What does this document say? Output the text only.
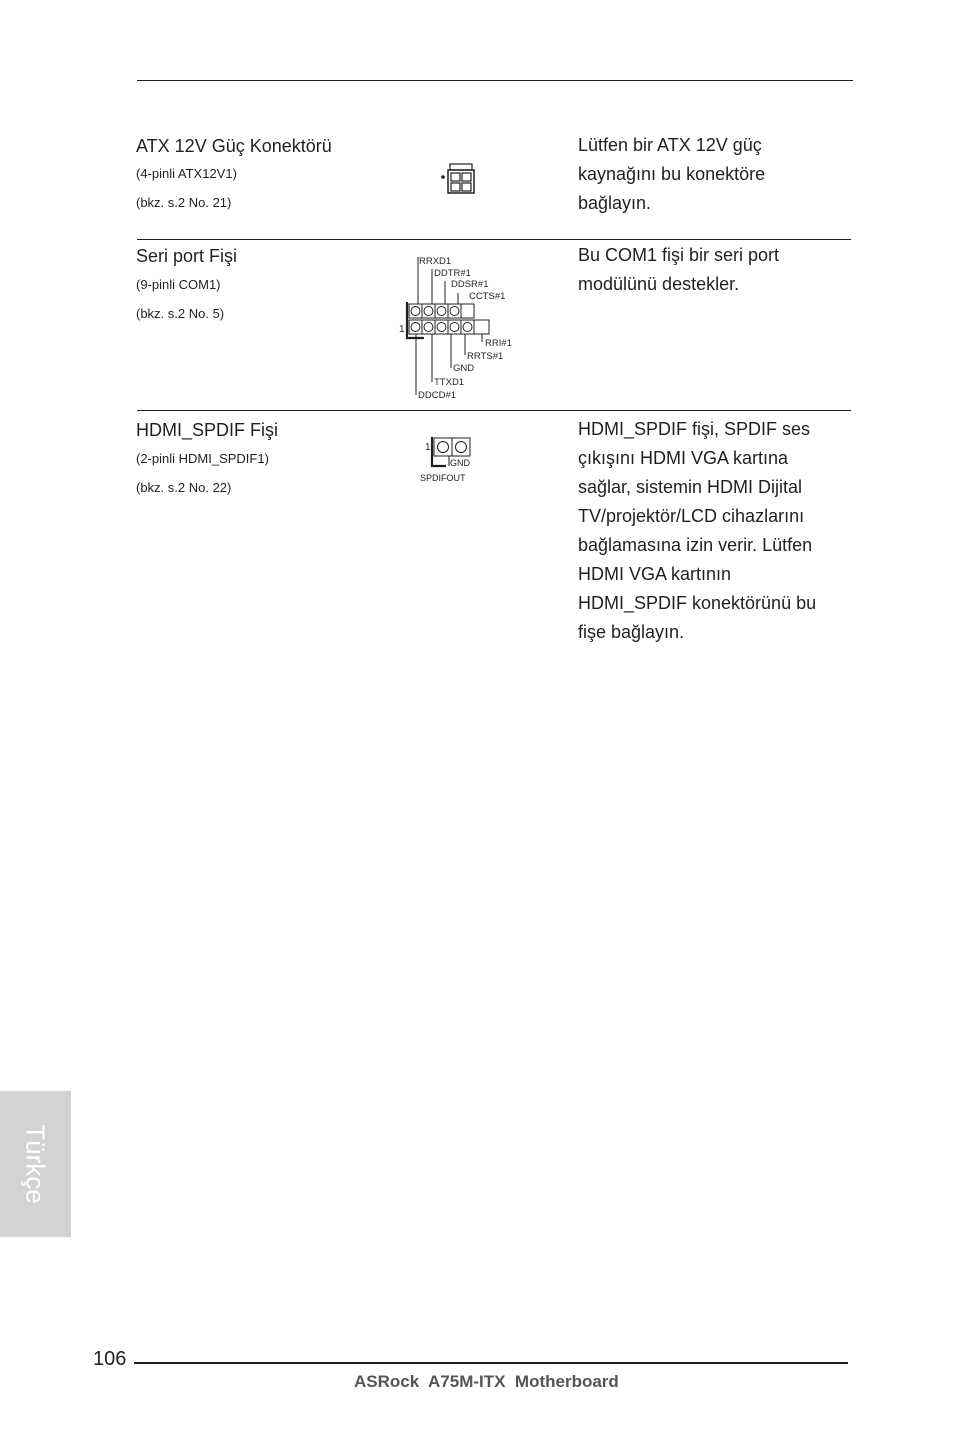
ATX 12V Güç Konektörü
(4-pinli ATX12V1)
(bkz. s.2 No. 21)
Lütfen bir ATX 12V güç
kaynağını bu konektöre
bağlayın.
Seri port Fişi
(9-pinli COM1)
(bkz. s.2 No. 5)
1
RRXD1
DDTR#1
DDSR#1
CCTS#1
RRI#1
RRTS#1
GND
TTXD1
DDCD#1
Bu COM1 fişi bir seri port
modülünü destekler.
HDMI_SPDIF Fişi
(2-pinli HDMI_SPDIF1)
(bkz. s.2 No. 22)
1
GND
SPDIFOUT
HDMI_SPDIF fişi, SPDIF ses
çıkışını HDMI VGA kartına
sağlar, sistemin HDMI Dijital
TV/projektör/LCD cihazlarını
bağlamasına izin verir. Lütfen
HDMI VGA kartının
HDMI_SPDIF konektörünü bu
fişe bağlayın.
Türkçe
106
ASRock  A75M-ITX  Motherboard
